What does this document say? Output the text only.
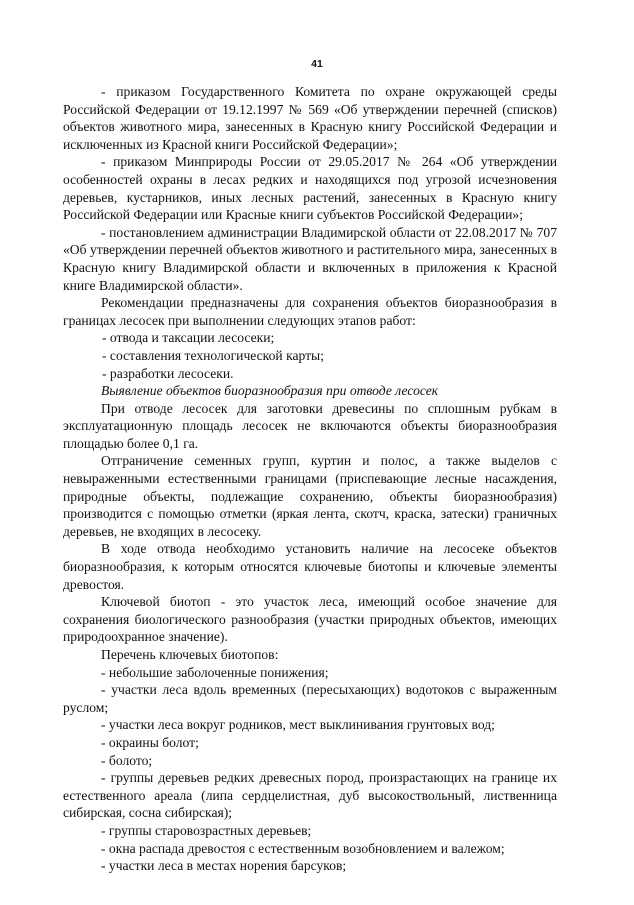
41

- приказом Государственного Комитета по охране окружающей среды Российской Федерации от 19.12.1997 № 569 «Об утверждении перечней (списков) объектов животного мира, занесенных в Красную книгу Российской Федерации и исключенных из Красной книги Российской Федерации»;

- приказом Минприроды России от 29.05.2017 № 264 «Об утверждении особенностей охраны в лесах редких и находящихся под угрозой исчезновения деревьев, кустарников, иных лесных растений, занесенных в Красную книгу Российской Федерации или Красные книги субъектов Российской Федерации»;

- постановлением администрации Владимирской области от 22.08.2017 № 707 «Об утверждении перечней объектов животного и растительного мира, занесенных в Красную книгу Владимирской области и включенных в приложения к Красной книге Владимирской области».

Рекомендации предназначены для сохранения объектов биоразнообразия в границах лесосек при выполнении следующих этапов работ:

- отвода и таксации лесосеки;

- составления технологической карты;

- разработки лесосеки.

Выявление объектов биоразнообразия при отводе лесосек

При отводе лесосек для заготовки древесины по сплошным рубкам в эксплуатационную площадь лесосек не включаются объекты биоразнообразия площадью более 0,1 га.

Отграничение семенных групп, куртин и полос, а также выделов с невыраженными естественными границами (приспевающие лесные насаждения, природные объекты, подлежащие сохранению, объекты биоразнообразия) производится с помощью отметки (яркая лента, скотч, краска, затески) граничных деревьев, не входящих в лесосеку.

В ходе отвода необходимо установить наличие на лесосеке объектов биоразнообразия, к которым относятся ключевые биотопы и ключевые элементы древостоя.

Ключевой биотоп - это участок леса, имеющий особое значение для сохранения биологического разнообразия (участки природных объектов, имеющих природоохранное значение).

Перечень ключевых биотопов:

- небольшие заболоченные понижения;

- участки леса вдоль временных (пересыхающих) водотоков с выраженным руслом;

- участки леса вокруг родников, мест выклинивания грунтовых вод;

- окраины болот;

- болото;

- группы деревьев редких древесных пород, произрастающих на границе их естественного ареала (липа сердцелистная, дуб высокоствольный, лиственница сибирская, сосна сибирская);

- группы старовозрастных деревьев;

- окна распада древостоя с естественным возобновлением и валежом;

- участки леса в местах норения барсуков;
